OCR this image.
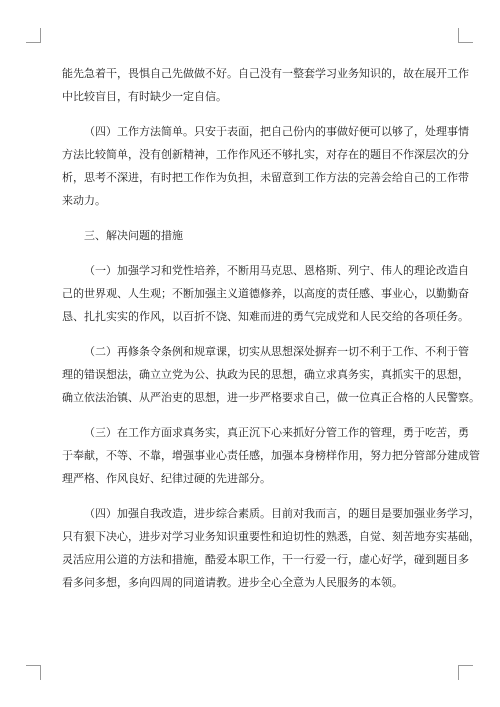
能先急着干，畏惧自己先做做不好。自己没有一整套学习业务知识的，故在展开工作
中比较盲目，有时缺少一定自信。
（四）工作方法简单。只安于表面，把自己份内的事做好便可以够了，处理事情
方法比较简单，没有创新精神，工作作风还不够扎实，对存在的题目不作深层次的分
析，思考不深进，有时把工作作为负担，未留意到工作方法的完善会给自己的工作带
来动力。
三、解决问题的措施
（一）加强学习和党性培养，不断用马克思、恩格斯、列宁、伟人的理论改造自
己的世界观、人生观；不断加强主义道德修养，以高度的责任感、事业心，以勤勤奋
恳、扎扎实实的作风，以百折不饶、知难而进的勇气完成党和人民交给的各项任务。
（二）再修条令条例和规章课，切实从思想深处摒弃一切不利于工作、不利于管
理的错误想法，确立立党为公、执政为民的思想，确立求真务实，真抓实干的思想，
确立依法治镇、从严治吏的思想，进一步严格要求自己，做一位真正合格的人民警察。
（三）在工作方面求真务实，真正沉下心来抓好分管工作的管理，勇于吃苦，勇
于奉献，不等、不靠，增强事业心责任感，加强本身榜样作用，努力把分管部分建成管
理严格、作风良好、纪律过硬的先进部分。
（四）加强自我改造，进步综合素质。目前对我而言，的题目是要加强业务学习，
只有狠下决心，进步对学习业务知识重要性和迫切性的熟悉，自觉、刻苦地夯实基础，
灵活应用公道的方法和措施，酷爱本职工作，干一行爱一行，虚心好学，碰到题目多
看多问多想，多向四周的同道请教。进步全心全意为人民服务的本领。
